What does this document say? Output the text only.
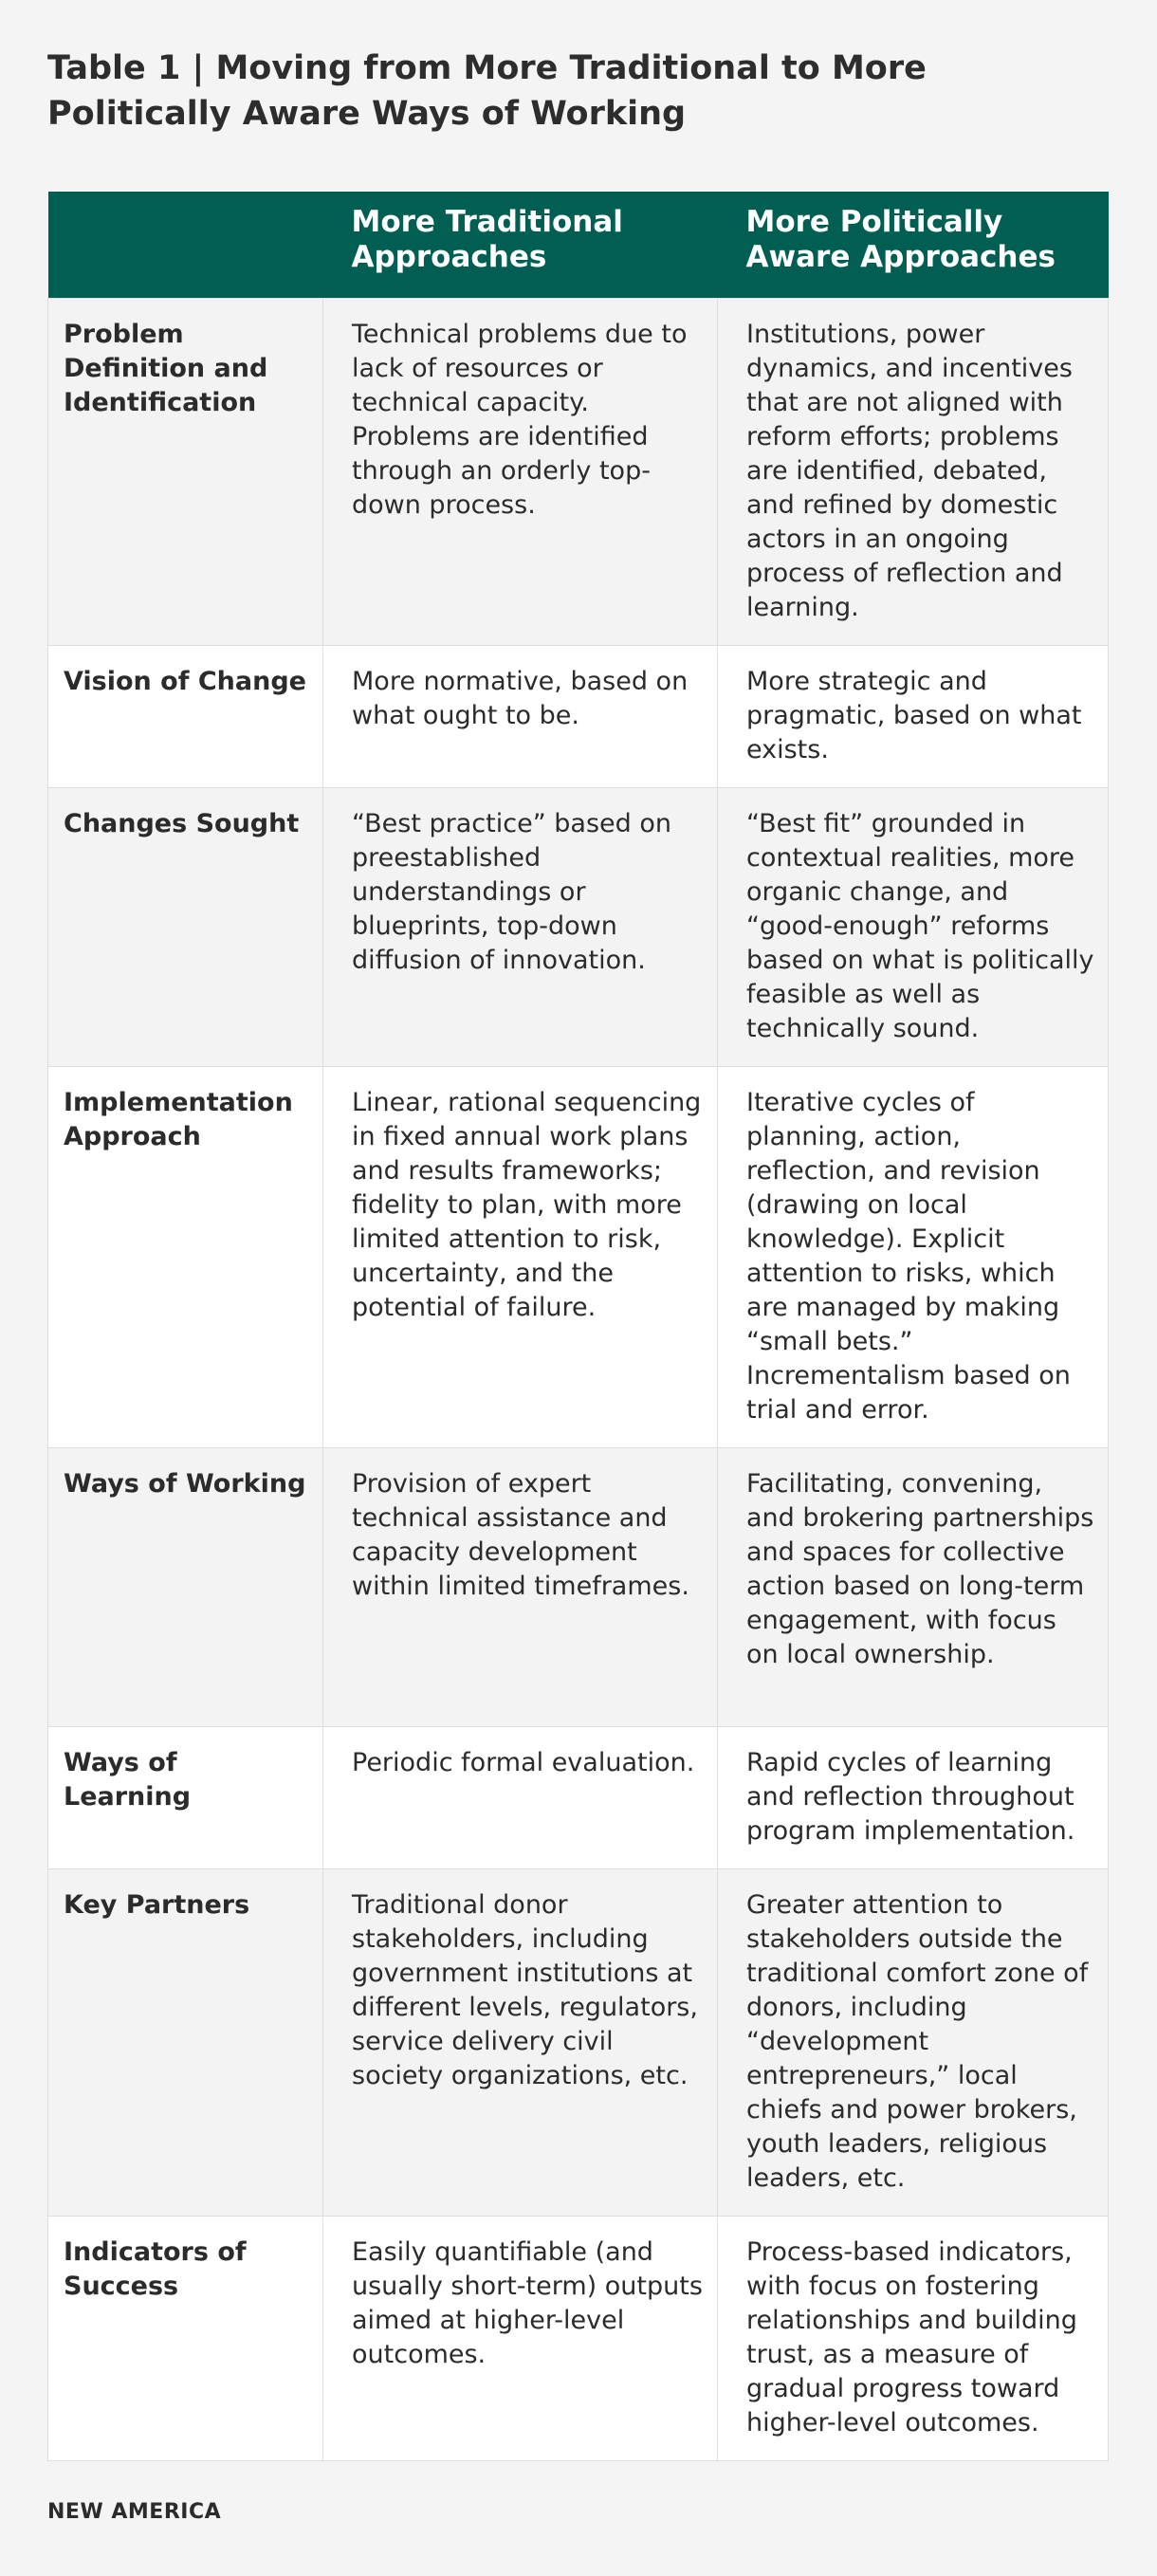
Table 1 | Moving from More Traditional to More Politically Aware Ways of Working
	More Traditional Approaches	More Politically Aware Approaches
Problem Definition and Identification	Technical problems due to lack of resources or technical capacity. Problems are identified through an orderly top-down process.	Institutions, power dynamics, and incentives that are not aligned with reform efforts; problems are identified, debated, and refined by domestic actors in an ongoing process of reflection and learning.
Vision of Change	More normative, based on what ought to be.	More strategic and pragmatic, based on what exists.
Changes Sought	“Best practice” based on preestablished understandings or blueprints, top-down diffusion of innovation.	“Best fit” grounded in contextual realities, more organic change, and “good-enough” reforms based on what is politically feasible as well as technically sound.
Implementation Approach	Linear, rational sequencing in fixed annual work plans and results frameworks; fidelity to plan, with more limited attention to risk, uncertainty, and the potential of failure.	Iterative cycles of planning, action, reflection, and revision (drawing on local knowledge). Explicit attention to risks, which are managed by making “small bets.” Incrementalism based on trial and error.
Ways of Working	Provision of expert technical assistance and capacity development within limited timeframes.	Facilitating, convening, and brokering partnerships and spaces for collective action based on long-term engagement, with focus on local ownership.
Ways of Learning	Periodic formal evaluation.	Rapid cycles of learning and reflection throughout program implementation.
Key Partners	Traditional donor stakeholders, including government institutions at different levels, regulators, service delivery civil society organizations, etc.	Greater attention to stakeholders outside the traditional comfort zone of donors, including “development entrepreneurs,” local chiefs and power brokers, youth leaders, religious leaders, etc.
Indicators of Success	Easily quantifiable (and usually short-term) outputs aimed at higher-level outcomes.	Process-based indicators, with focus on fostering relationships and building trust, as a measure of gradual progress toward higher-level outcomes.
NEW AMERICA
